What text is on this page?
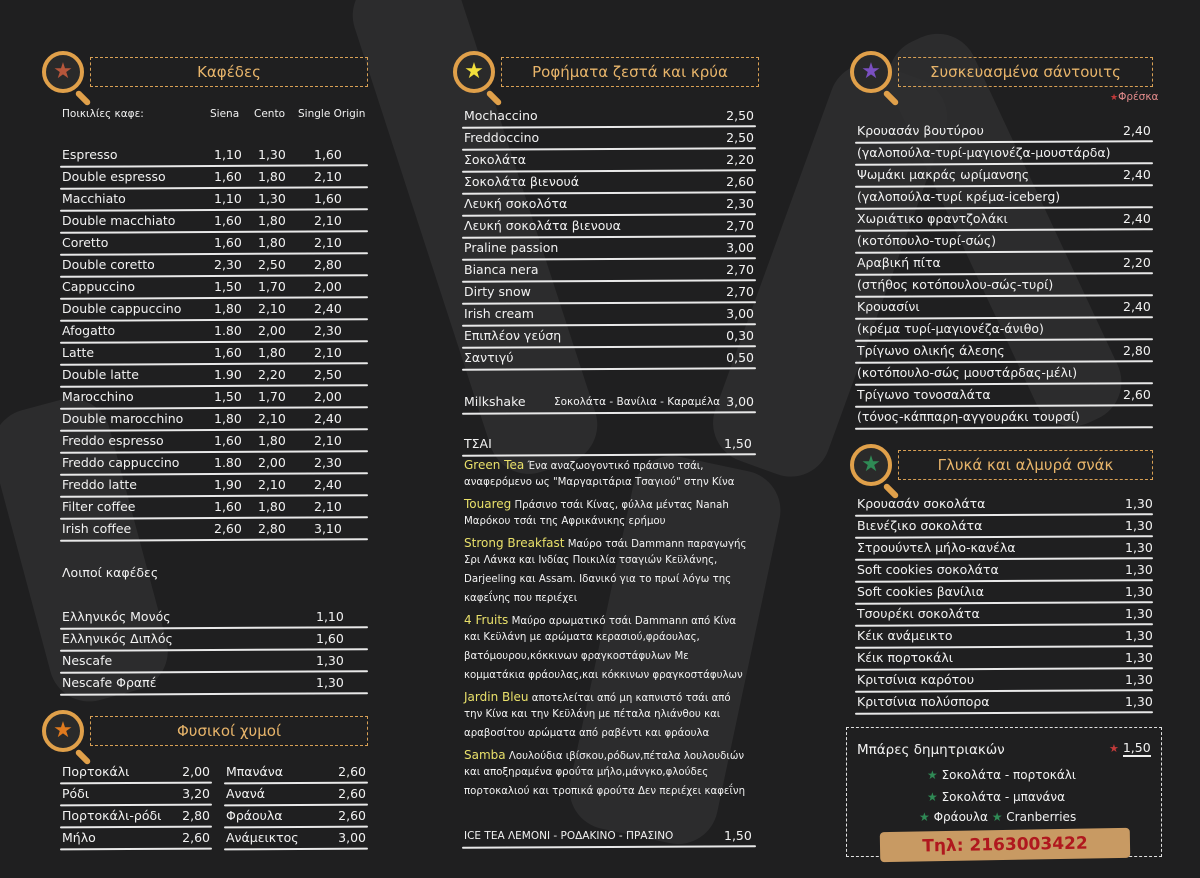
★	Καφέδες
Ποικιλίες καφε:	Siena Cento Single Origin
Espresso	1,10 1,30 1,60
Double espresso	1,60 1,80 2,10
Macchiato	1,10 1,30 1,60
Double macchiato	1,60 1,80 2,10
Coretto	1,60 1,80 2,10
Double coretto	2,30 2,50 2,80
Cappuccino	1,50 1,70 2,00
Double cappuccino	1,80 2,10 2,40
Afogatto	1.80 2,00 2,30
Latte	1,60 1,80 2,10
Double latte	1.90 2,20 2,50
Marocchino	1,50 1,70 2,00
Double marocchino 1,80 2,10 2,40
Freddo espresso	1,60 1,80 2,10
Freddo cappuccino	1.80 2,00 2,30
Freddo latte	1,90 2,10 2,40
Filter coffee	1,60 1,80 2,10
Irish coffee	2,60 2,80 3,10
Λοιποί καφέδες
Ελληνικός Μονός	1,10
Ελληνικός Διπλός	1,60
Nescafe	1,30
Nescafe Φραπέ	1,30
★	Φυσικοί χυμοί
Πορτοκάλι	2,00
Ρόδι	3,20
Πορτοκάλι-ρόδι 2,80
Μήλο	2,60
Μπανάνα	2,60
Ανανά	2,60
Φράουλα	2,60
Ανάμεικτος	3,00
★	Ροφήματα ζεστά και κρύα
Mochaccino	2,50
Freddoccino	2,50
Σοκολάτα	2,20
Σοκολάτα βιενουά	2,60
Λευκή σοκολότα	2,30
Λευκή σοκολάτα βιενουα	2,70
Praline passion	3,00
Bianca nera	2,70
Dirty snow	2,70
Irish cream	3,00
Επιπλέον γεύση	0,30
Σαντιγύ	0,50
Milkshake	Σοκολάτα - Βανίλια - Καραμέλα 3,00
ΤΣΑΙ	1,50
Green Tea Ένα αναζωογοντικό πράσινο τσάι,
αναφερόμενο ως "Μαργαριτάρια Τσαγιού" στην Κίνα
Touareg Πράσινο τσάι Κίνας, φύλλα μέντας Nanah
Μαρόκου τσάι της Αφρικάνικης ερήμου
Strong Breakfast Μαύρο τσάι Dammann παραγωγής
Σρι Λάνκα και Ινδίας Ποικιλία τσαγιών Κεϋλάνης,
Darjeeling και Assam. Ιδανικό για το πρωί λόγω της
καφεΐνης που περιέχει
4 Fruits Μαύρο αρωματικό τσάι Dammann από Κίνα
και Κεϋλάνη με αρώματα κερασιού,φράουλας,
βατόμουρου,κόκκινων φραγκοστάφυλων Με
κομματάκια φράουλας,και κόκκινων φραγκοστάφυλων
Jardin Bleu αποτελείται από μη καπνιστό τσάι από
την Κίνα και την Κεϋλάνη με πέταλα ηλιάνθου και
αραβοσίτου αρώματα από ραβέντι και φράουλα
Samba Λουλούδια ιβίσκου,ρόδων,πέταλα λουλουδιών
και αποξηραμένα φρούτα μήλο,μάνγκο,φλούδες
πορτοκαλιού και τροπικά φρούτα Δεν περιέχει καφεΐνη
ICE TEA ΛΕΜΟΝΙ - ΡΟΔΑΚΙΝΟ - ΠΡΑΣΙΝΟ	1,50
★	Συσκευασμένα σάντουιτς
★Φρέσκα
Κρουασάν βουτύρου	2,40
(γαλοπούλα-τυρί-μαγιονέζα-μουστάρδα)
Ψωμάκι μακράς ωρίμανσης	2,40
(γαλοπούλα-τυρί κρέμα-iceberg)
Χωριάτικο φραντζολάκι	2,40
(κοτόπουλο-τυρί-σώς)
Αραβική πίτα	2,20
(στήθος κοτόπουλου-σώς-τυρί)
Κρουασίνι	2,40
(κρέμα τυρί-μαγιονέζα-άνιθο)
Τρίγωνο ολικής άλεσης	2,80
(κοτόπουλο-σώς μουστάρδας-μέλι)
Τρίγωνο τονοσαλάτα	2,60
(τόνος-κάππαρη-αγγουράκι τουρσί)
★	Γλυκά και αλμυρά σνάκ
Κρουασάν σοκολάτα	1,30
Βιενέζικο σοκολάτα	1,30
Στρουύντελ μήλο-κανέλα	1,30
Soft cookies σοκολάτα	1,30
Soft cookies βανίλια	1,30
Τσουρέκι σοκολάτα	1,30
Κέικ ανάμεικτο	1,30
Κέικ πορτοκάλι	1,30
Κριτσίνια καρότου	1,30
Κριτσίνια πολύσπορα	1,30
Μπάρες δημητριακών	★ 1,50
★ Σοκολάτα - πορτοκάλι
★ Σοκολάτα - μπανάνα
★ Φράουλα ★ Cranberries
Τηλ: 2163003422
